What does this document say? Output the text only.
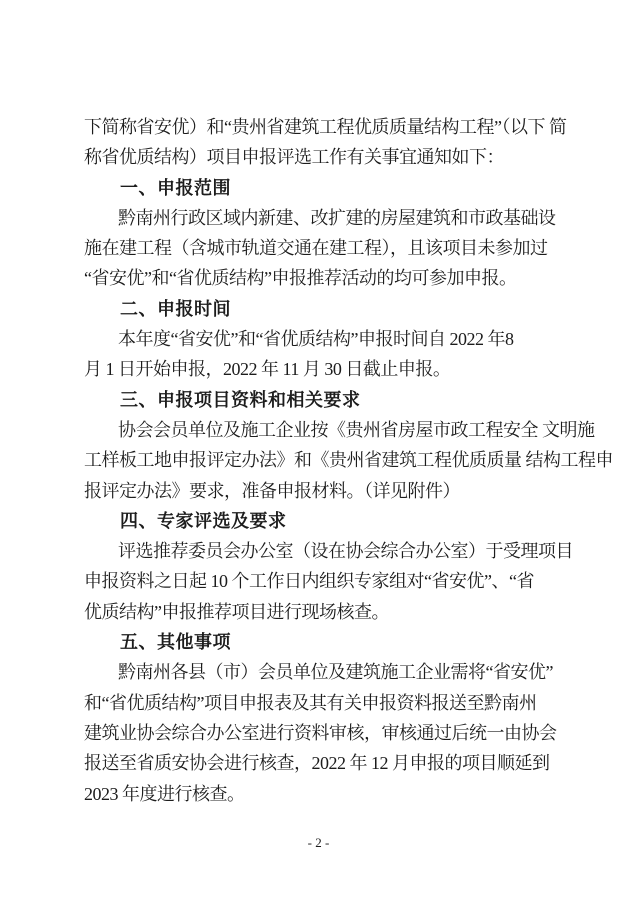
下简称省安优）和“贵州省建筑工程优质质量结构工程”（以下 简
称省优质结构）项目申报评选工作有关事宜通知如下：
一、申报范围
黔南州行政区域内新建、改扩建的房屋建筑和市政基础设
施在建工程（含城市轨道交通在建工程），且该项目未参加过
“省安优”和“省优质结构”申报推荐活动的均可参加申报。
二、申报时间
本年度“省安优”和“省优质结构”申报时间自 2022 年8
月 1 日开始申报，2022 年 11 月 30 日截止申报。
三、申报项目资料和相关要求
协会会员单位及施工企业按《贵州省房屋市政工程安全 文明施
工样板工地申报评定办法》和《贵州省建筑工程优质质量 结构工程申
报评定办法》要求，准备申报材料。（详见附件）
四、专家评选及要求
评选推荐委员会办公室（设在协会综合办公室）于受理项目
申报资料之日起 10 个工作日内组织专家组对“省安优”、“省
优质结构”申报推荐项目进行现场核查。
五、其他事项
黔南州各县（市）会员单位及建筑施工企业需将“省安优”
和“省优质结构”项目申报表及其有关申报资料报送至黔南州
建筑业协会综合办公室进行资料审核，审核通过后统一由协会
报送至省质安协会进行核查，2022 年 12 月申报的项目顺延到
2023 年度进行核查。
- 2 -
